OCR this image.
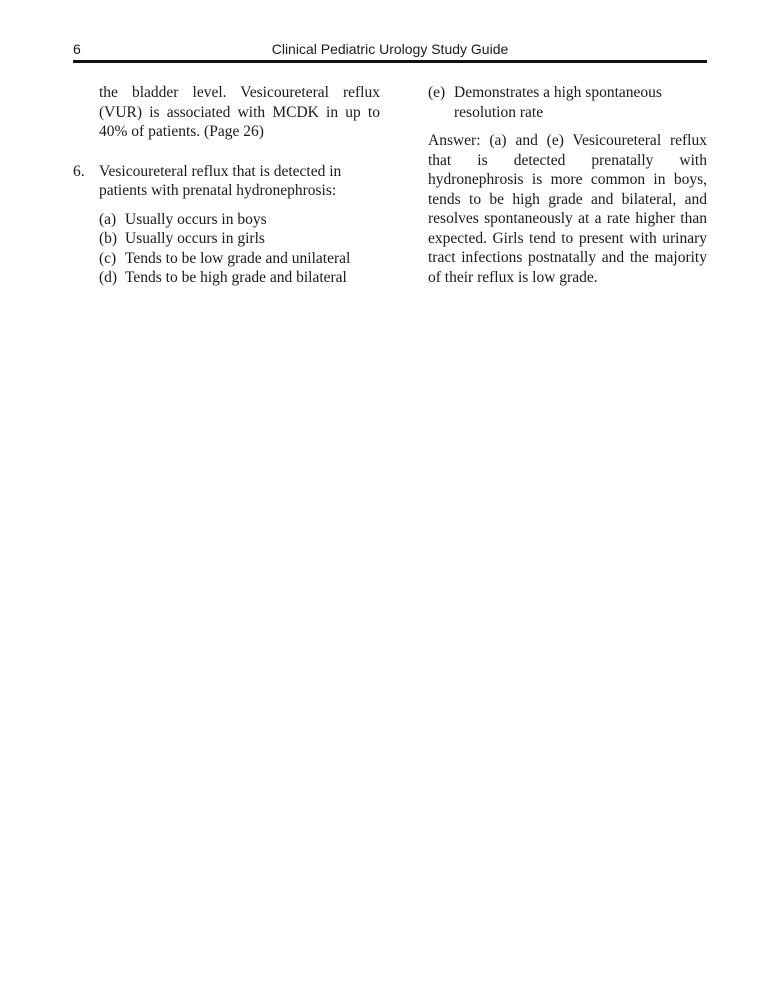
6	Clinical Pediatric Urology Study Guide

the bladder level. Vesicoureteral reflux (VUR) is associated with MCDK in up to 40% of patients. (Page 26)

6. Vesicoureteral reflux that is detected in patients with prenatal hydronephrosis:
(a) Usually occurs in boys
(b) Usually occurs in girls
(c) Tends to be low grade and unilateral
(d) Tends to be high grade and bilateral
(e) Demonstrates a high spontaneous resolution rate

Answer: (a) and (e) Vesicoureteral reflux that is detected prenatally with hydronephrosis is more common in boys, tends to be high grade and bilateral, and resolves spontaneously at a rate higher than expected. Girls tend to present with urinary tract infections postnatally and the majority of their reflux is low grade.
